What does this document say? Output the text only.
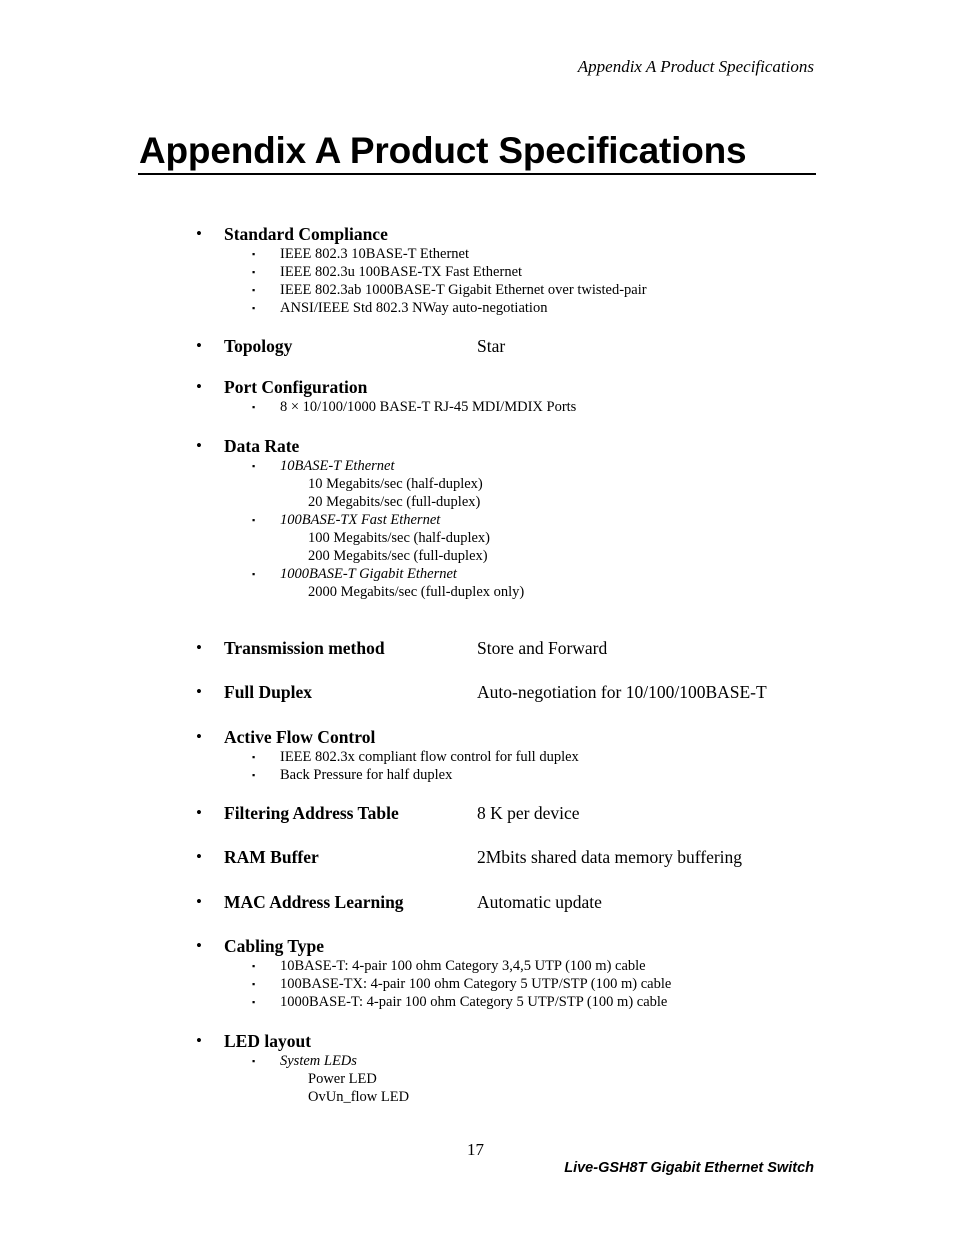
Appendix A Product Specifications
Appendix A Product Specifications
•	Standard Compliance
▪	IEEE 802.3 10BASE-T Ethernet
▪	IEEE 802.3u 100BASE-TX Fast Ethernet
▪	IEEE 802.3ab 1000BASE-T Gigabit Ethernet over twisted-pair
▪	ANSI/IEEE Std 802.3 NWay auto-negotiation
•	Topology	Star
•	Port Configuration
▪	8 × 10/100/1000 BASE-T RJ-45 MDI/MDIX Ports
•	Data Rate
▪	10BASE-T Ethernet
10 Megabits/sec (half-duplex)
20 Megabits/sec (full-duplex)
▪	100BASE-TX Fast Ethernet
100 Megabits/sec (half-duplex)
200 Megabits/sec (full-duplex)
▪	1000BASE-T Gigabit Ethernet
2000 Megabits/sec (full-duplex only)
•	Transmission method	Store and Forward
•	Full Duplex	Auto-negotiation for 10/100/100BASE-T
•	Active Flow Control
▪	IEEE 802.3x compliant flow control for full duplex
▪	Back Pressure for half duplex
•	Filtering Address Table	8 K per device
•	RAM Buffer	2Mbits shared data memory buffering
•	MAC Address Learning	Automatic update
•	Cabling Type
▪	10BASE-T: 4-pair 100 ohm Category 3,4,5 UTP (100 m) cable
▪	100BASE-TX: 4-pair 100 ohm Category 5 UTP/STP (100 m) cable
▪	1000BASE-T: 4-pair 100 ohm Category 5 UTP/STP (100 m) cable
•	LED layout
▪	System LEDs
Power LED
OvUn_flow LED
17
Live-GSH8T Gigabit Ethernet Switch
